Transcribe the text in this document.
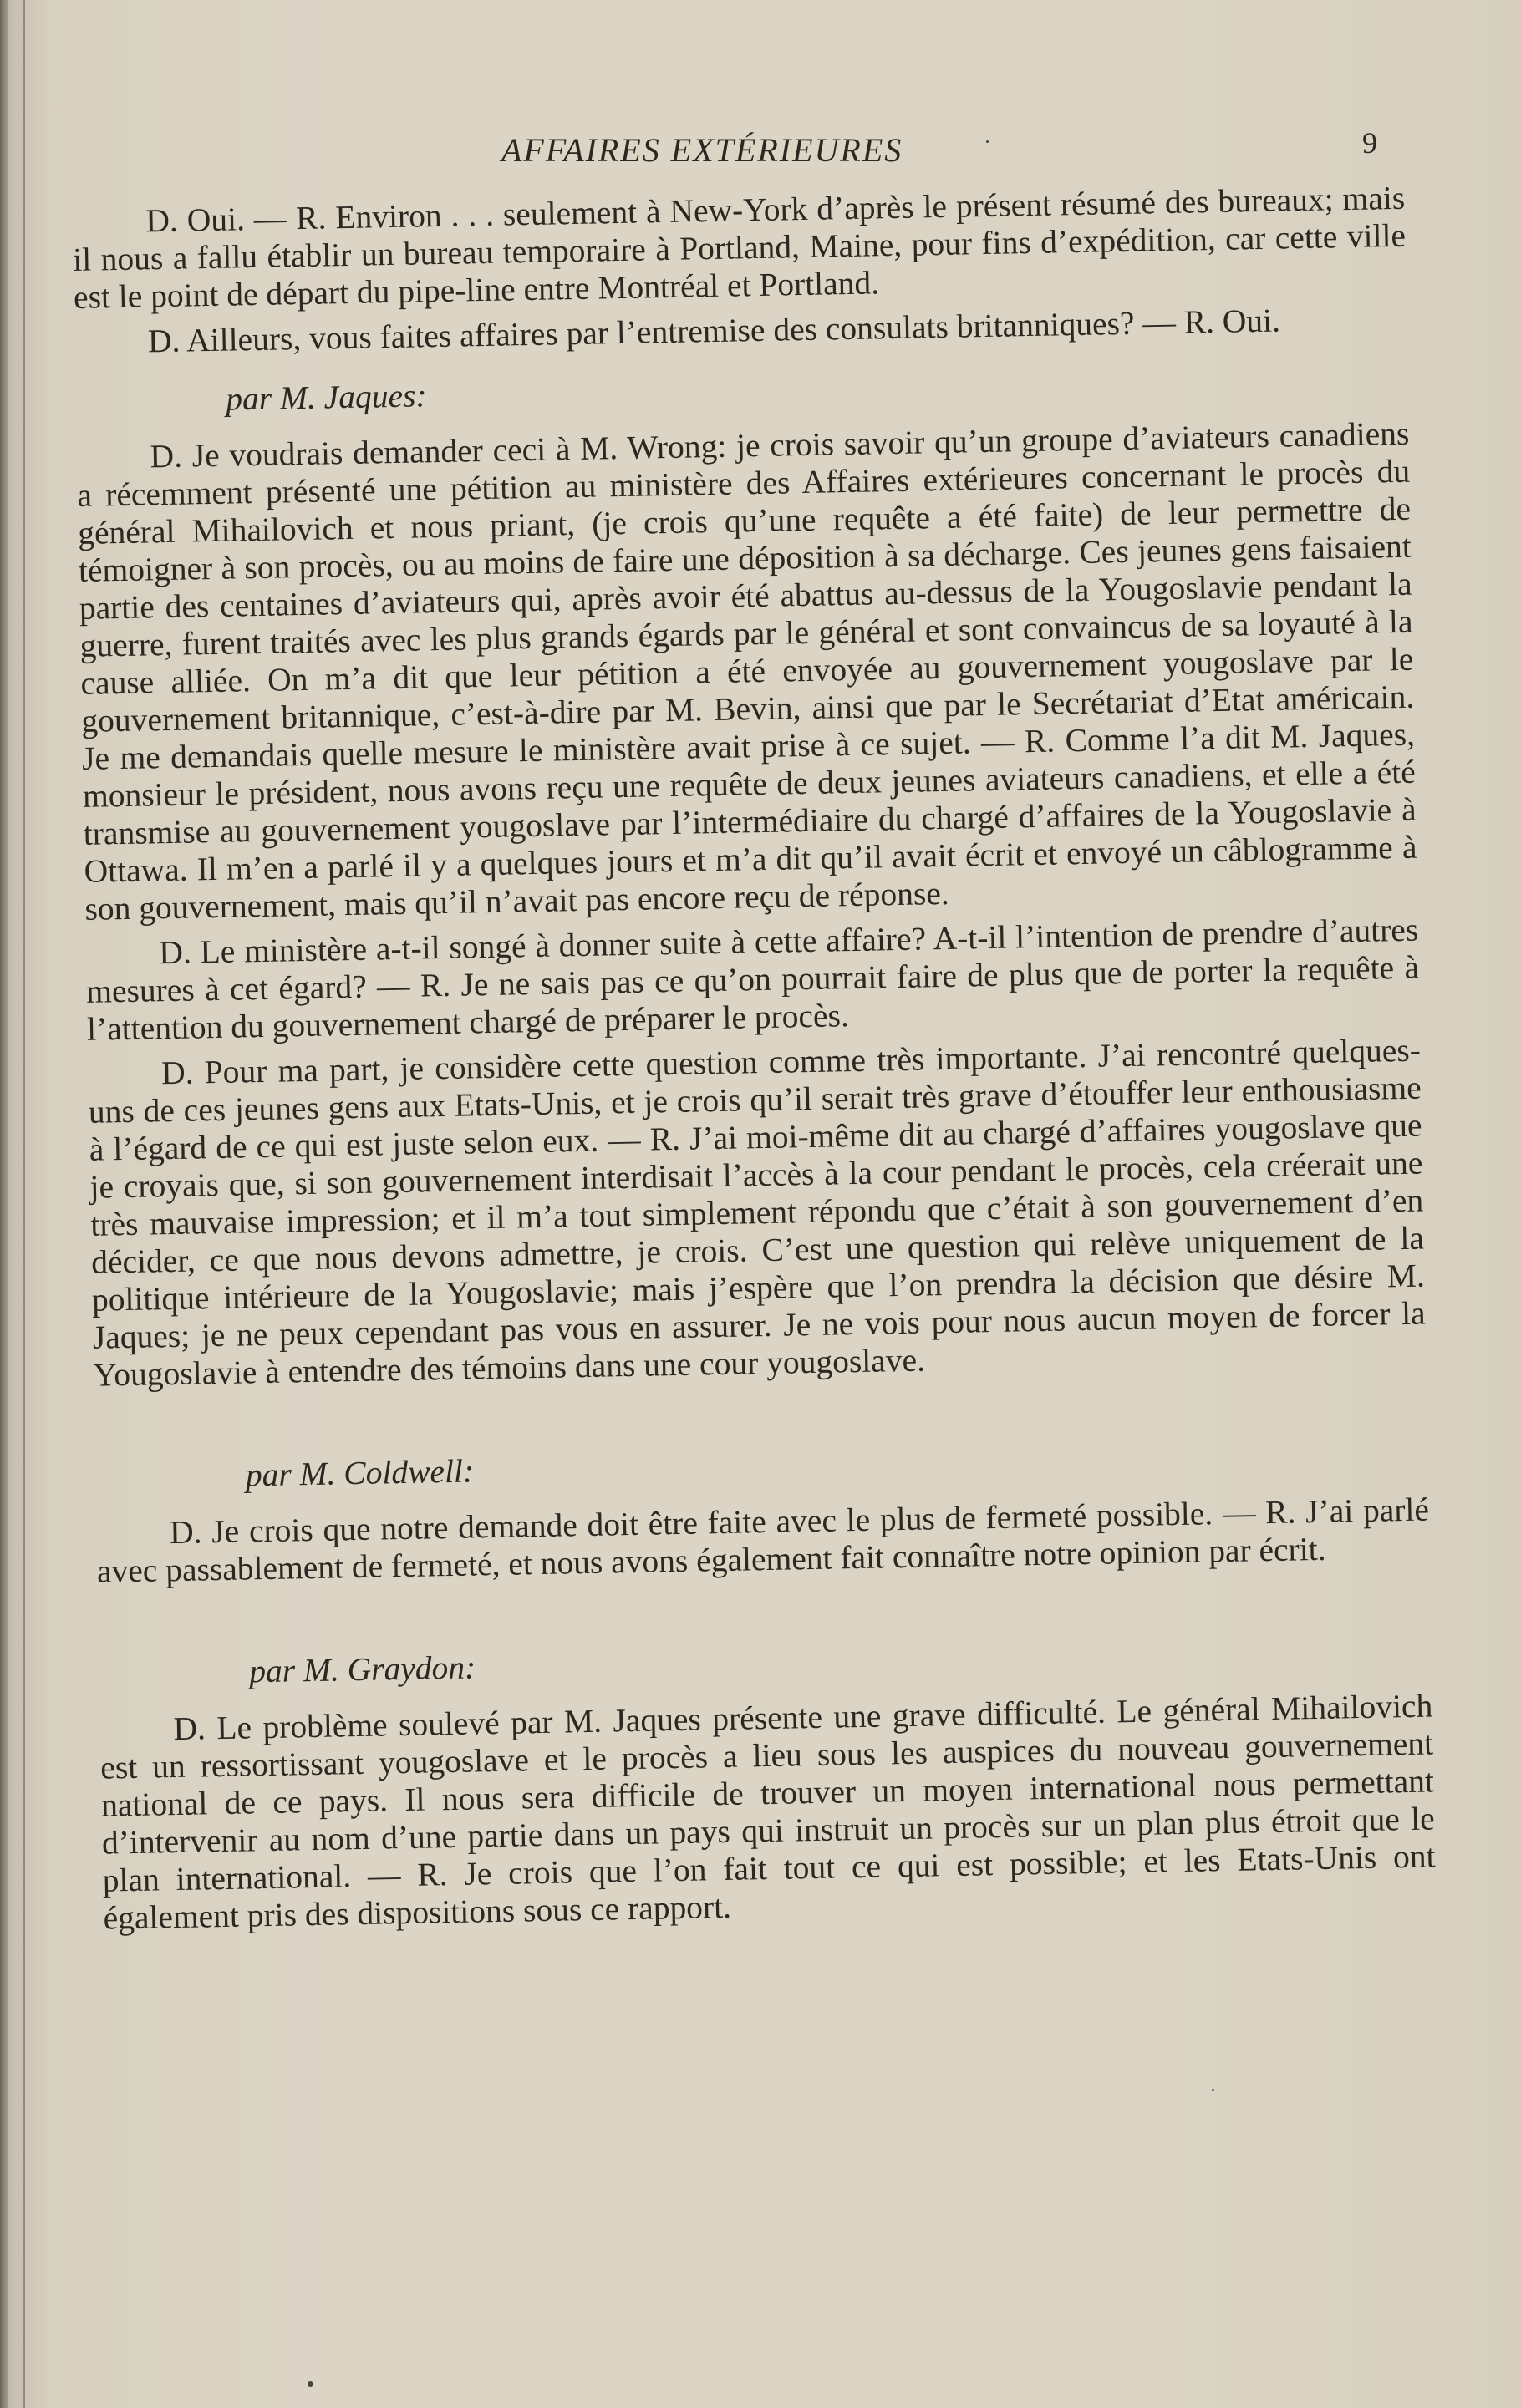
AFFAIRES EXTÉRIEURES	9

D. Oui. — R. Environ . . . seulement à New-York d’après le présent résumé des bureaux; mais il nous a fallu établir un bureau temporaire à Portland, Maine, pour fins d’expédition, car cette ville est le point de départ du pipe-line entre Montréal et Portland.

D. Ailleurs, vous faites affaires par l’entremise des consulats britanniques? — R. Oui.

par M. Jaques:

D. Je voudrais demander ceci à M. Wrong: je crois savoir qu’un groupe d’aviateurs canadiens a récemment présenté une pétition au ministère des Affaires extérieures concernant le procès du général Mihailovich et nous priant, (je crois qu’une requête a été faite) de leur permettre de témoigner à son procès, ou au moins de faire une déposition à sa décharge. Ces jeunes gens faisaient partie des centaines d’aviateurs qui, après avoir été abattus au-dessus de la Yougoslavie pendant la guerre, furent traités avec les plus grands égards par le général et sont convaincus de sa loyauté à la cause alliée. On m’a dit que leur pétition a été envoyée au gouvernement yougoslave par le gouvernement britannique, c’est-à-dire par M. Bevin, ainsi que par le Secrétariat d’Etat américain. Je me demandais quelle mesure le ministère avait prise à ce sujet. — R. Comme l’a dit M. Jaques, monsieur le président, nous avons reçu une requête de deux jeunes aviateurs canadiens, et elle a été transmise au gouvernement yougoslave par l’intermédiaire du chargé d’affaires de la Yougoslavie à Ottawa. Il m’en a parlé il y a quelques jours et m’a dit qu’il avait écrit et envoyé un câblogramme à son gouvernement, mais qu’il n’avait pas encore reçu de réponse.

D. Le ministère a-t-il songé à donner suite à cette affaire? A-t-il l’intention de prendre d’autres mesures à cet égard? — R. Je ne sais pas ce qu’on pourrait faire de plus que de porter la requête à l’attention du gouvernement chargé de préparer le procès.

D. Pour ma part, je considère cette question comme très importante. J’ai rencontré quelques-uns de ces jeunes gens aux Etats-Unis, et je crois qu’il serait très grave d’étouffer leur enthousiasme à l’égard de ce qui est juste selon eux. — R. J’ai moi-même dit au chargé d’affaires yougoslave que je croyais que, si son gouvernement interdisait l’accès à la cour pendant le procès, cela créerait une très mauvaise impression; et il m’a tout simplement répondu que c’était à son gouvernement d’en décider, ce que nous devons admettre, je crois. C’est une question qui relève uniquement de la politique intérieure de la Yougoslavie; mais j’espère que l’on prendra la décision que désire M. Jaques; je ne peux cependant pas vous en assurer. Je ne vois pour nous aucun moyen de forcer la Yougoslavie à entendre des témoins dans une cour yougoslave.

par M. Coldwell:

D. Je crois que notre demande doit être faite avec le plus de fermeté possible. — R. J’ai parlé avec passablement de fermeté, et nous avons également fait connaître notre opinion par écrit.

par M. Graydon:

D. Le problème soulevé par M. Jaques présente une grave difficulté. Le général Mihailovich est un ressortissant yougoslave et le procès a lieu sous les auspices du nouveau gouvernement national de ce pays. Il nous sera difficile de trouver un moyen international nous permettant d’intervenir au nom d’une partie dans un pays qui instruit un procès sur un plan plus étroit que le plan international. — R. Je crois que l’on fait tout ce qui est possible; et les Etats-Unis ont également pris des dispositions sous ce rapport.
